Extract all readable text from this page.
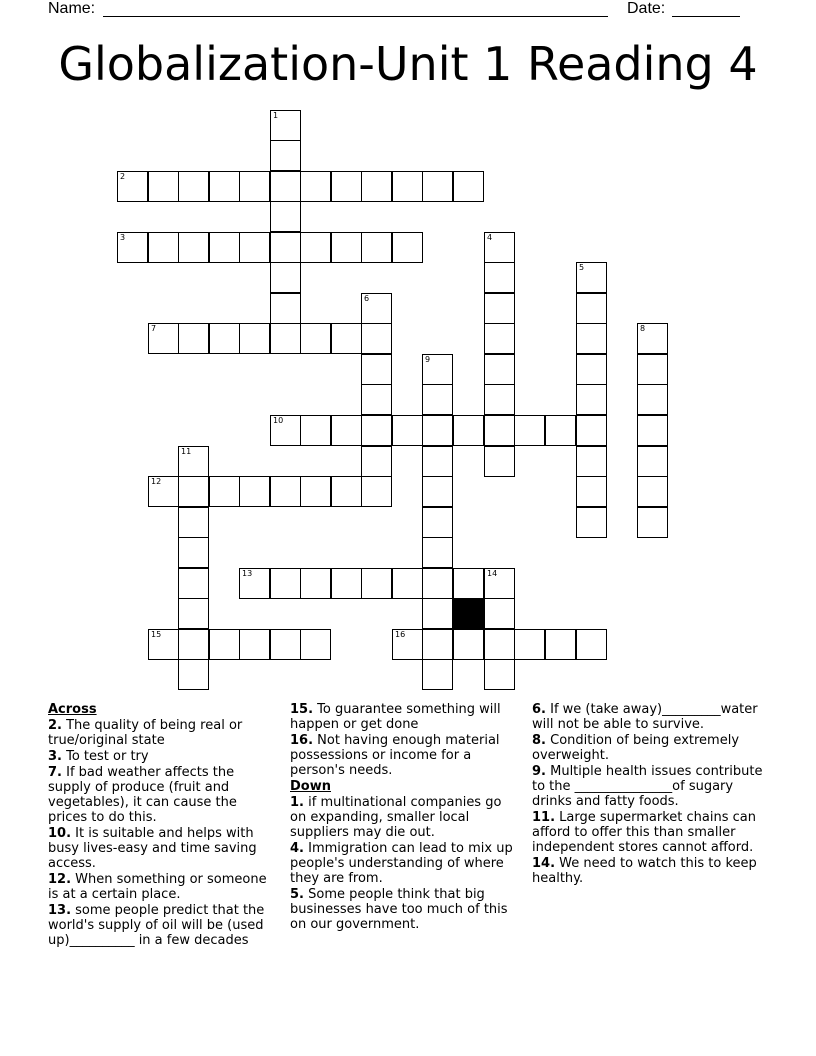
Name:	Date:
Globalization-Unit 1 Reading 4
1
2
3	4
5
6
7	8
9
10
11
12
13	14
15	16
Across
2. The quality of being real or true/original state
3. To test or try
7. If bad weather affects the supply of produce (fruit and vegetables), it can cause the prices to do this.
10. It is suitable and helps with busy lives-easy and time saving access.
12. When something or someone is at a certain place.
13. some people predict that the world's supply of oil will be (used up)__________ in a few decades
15. To guarantee something will happen or get done
16. Not having enough material possessions or income for a person's needs.
Down
1. if multinational companies go on expanding, smaller local suppliers may die out.
4. Immigration can lead to mix up people's understanding of where they are from.
5. Some people think that big businesses have too much of this on our government.
6. If we (take away)_________water will not be able to survive.
8. Condition of being extremely overweight.
9. Multiple health issues contribute to the _______________of sugary drinks and fatty foods.
11. Large supermarket chains can afford to offer this than smaller independent stores cannot afford.
14. We need to watch this to keep healthy.
